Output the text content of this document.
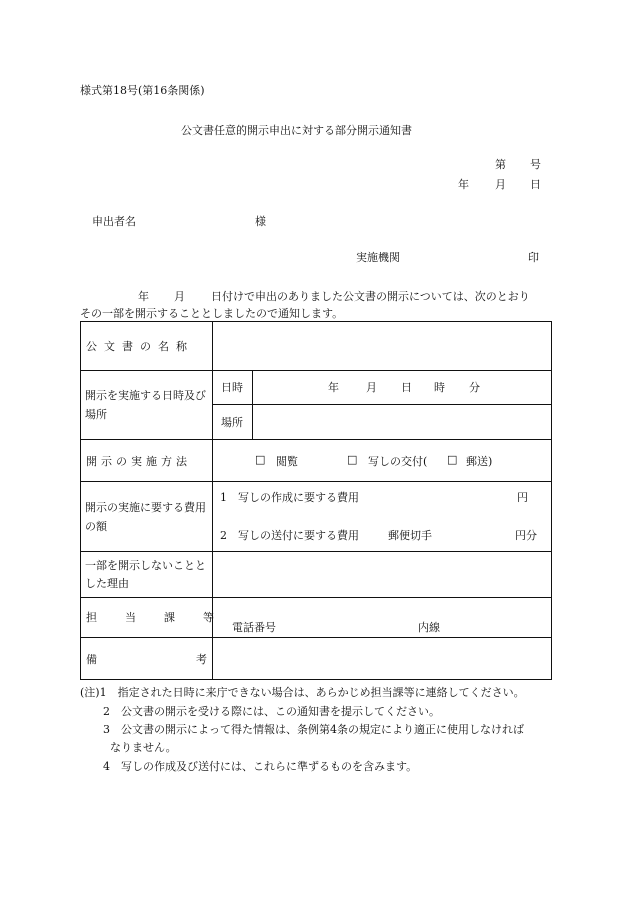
様式第18号(第16条関係)
公文書任意的開示申出に対する部分開示通知書
第 号
年 月 日
申出者名	様
実施機関	印
年 月 日付けで申出のありました公文書の開示については、次のとおり
その一部を開示することとしましたので通知します。
公文書の名称
開示を実施する日時及び場所
日時	年 月 日 時 分
場所
開示の実施方法	□ 閲覧	□ 写しの交付( □ 郵送)
開示の実施に要する費用の額
1　写しの作成に要する費用	円
2　写しの送付に要する費用	郵便切手	円分
一部を開示しないこととした理由
担当課等
電話番号	内線
備	考
(注)1　指定された日時に来庁できない場合は、あらかじめ担当課等に連絡してください。
2　公文書の開示を受ける際には、この通知書を提示してください。
3　公文書の開示によって得た情報は、条例第4条の規定により適正に使用しなければ
なりません。
4　写しの作成及び送付には、これらに準ずるものを含みます。
